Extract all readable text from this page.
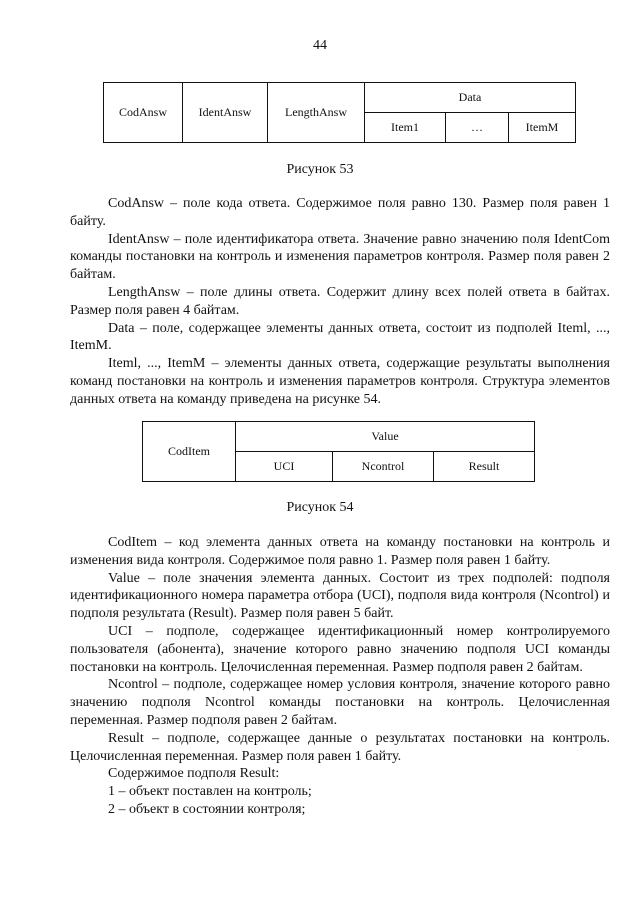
44
CodAnsw	IdentAnsw	LengthAnsw	Data		
			Item1	…	ItemM
Рисунок 53

CodAnsw – поле кода ответа. Содержимое поля равно 130. Размер поля равен 1 байту.

IdentAnsw – поле идентификатора ответа. Значение равно значению поля IdentCom команды постановки на контроль и изменения параметров контроля. Размер поля равен 2 байтам.

LengthAnsw – поле длины ответа. Содержит длину всех полей ответа в байтах. Размер поля равен 4 байтам.

Data – поле, содержащее элементы данных ответа, состоит из подполей Iteml, ..., ItemM.

Iteml, ..., ItemM – элементы данных ответа, содержащие результаты выполнения команд постановки на контроль и изменения параметров контроля. Структура элементов данных ответа на команду приведена на рисунке 54.

CodItem	Value		
	UCI	Ncontrol	Result
Рисунок 54

CodItem – код элемента данных ответа на команду постановки на контроль и изменения вида контроля. Содержимое поля равно 1. Размер поля равен 1 байту.

Value – поле значения элемента данных. Состоит из трех подполей: подполя идентификационного номера параметра отбора (UCI), подполя вида контроля (Ncontrol) и подполя результата (Result). Размер поля равен 5 байт.

UCI – подполе, содержащее идентификационный номер контролируемого пользователя (абонента), значение которого равно значению подполя UCI команды постановки на контроль. Целочисленная переменная. Размер подполя равен 2 байтам.

Ncontrol – подполе, содержащее номер условия контроля, значение которого равно значению подполя Ncontrol команды постановки на контроль. Целочисленная переменная. Размер подполя равен 2 байтам.

Result – подполе, содержащее данные о результатах постановки на контроль. Целочисленная переменная. Размер поля равен 1 байту.

Содержимое подполя Result:

1 – объект поставлен на контроль;

2 – объект в состоянии контроля;
